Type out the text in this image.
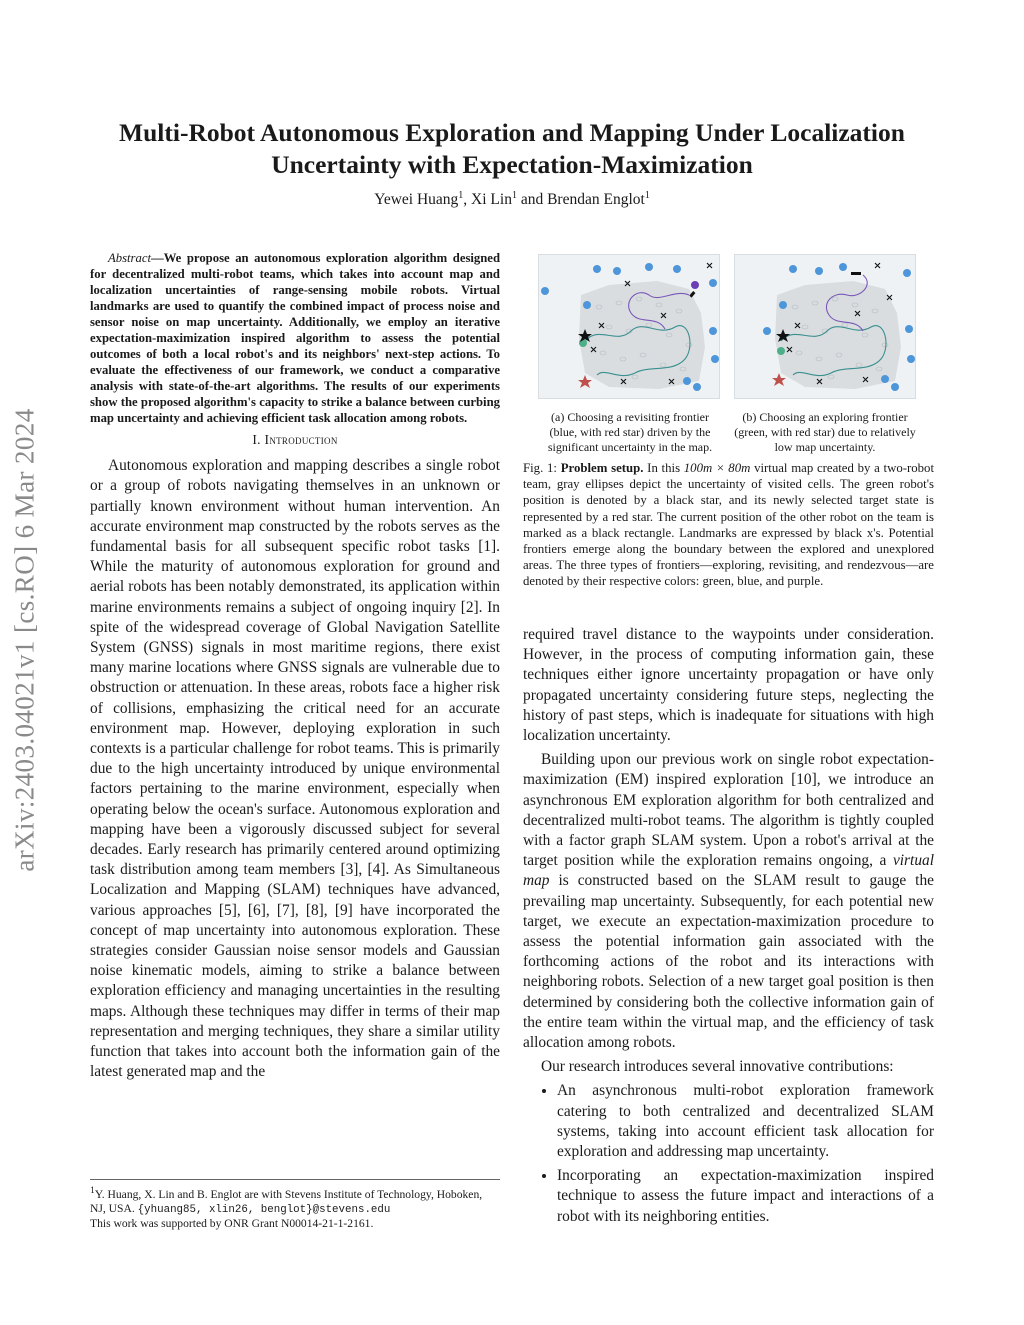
arXiv:2403.04021v1 [cs.RO] 6 Mar 2024
Multi-Robot Autonomous Exploration and Mapping Under Localization Uncertainty with Expectation-Maximization
Yewei Huang$^1$, Xi Lin$^1$ and Brendan Englot$^1$

Abstract—We propose an autonomous exploration algorithm designed for decentralized multi-robot teams, which takes into account map and localization uncertainties of range-sensing mobile robots. Virtual landmarks are used to quantify the combined impact of process noise and sensor noise on map uncertainty. Additionally, we employ an iterative expectation-maximization inspired algorithm to assess the potential outcomes of both a local robot's and its neighbors' next-step actions. To evaluate the effectiveness of our framework, we conduct a comparative analysis with state-of-the-art algorithms. The results of our experiments show the proposed algorithm's capacity to strike a balance between curbing map uncertainty and achieving efficient task allocation among robots.

I. Introduction

Autonomous exploration and mapping describes a single robot or a group of robots navigating themselves in an unknown or partially known environment without human intervention. An accurate environment map constructed by the robots serves as the fundamental basis for all subsequent specific robot tasks [1]. While the maturity of autonomous exploration for ground and aerial robots has been notably demonstrated, its application within marine environments remains a subject of ongoing inquiry [2]. In spite of the widespread coverage of Global Navigation Satellite System (GNSS) signals in most maritime regions, there exist many marine locations where GNSS signals are vulnerable due to obstruction or attenuation. In these areas, robots face a higher risk of collisions, emphasizing the critical need for an accurate environment map. However, deploying exploration in such contexts is a particular challenge for robot teams. This is primarily due to the high uncertainty introduced by unique environmental factors pertaining to the marine environment, especially when operating below the ocean's surface. Autonomous exploration and mapping have been a vigorously discussed subject for several decades. Early research has primarily centered around optimizing task distribution among team members [3], [4]. As Simultaneous Localization and Mapping (SLAM) techniques have advanced, various approaches [5], [6], [7], [8], [9] have incorporated the concept of map uncertainty into autonomous exploration. These strategies consider Gaussian noise sensor models and Gaussian noise kinematic models, aiming to strike a balance between exploration efficiency and managing uncertainties in the resulting maps. Although these techniques may differ in terms of their map representation and merging techniques, they share a similar utility function that takes into account both the information gain of the latest generated map and the

$^1$Y. Huang, X. Lin and B. Englot are with Stevens Institute of Technology, Hoboken, NJ, USA. {yhuang85, xlin26, benglot}@stevens.edu
This work was supported by ONR Grant N00014-21-1-2161.
(a) Choosing a revisiting frontier (blue, with red star) driven by the significant uncertainty in the map.
(b) Choosing an exploring frontier (green, with red star) due to relatively low map uncertainty.
Fig. 1: Problem setup. In this 100m × 80m virtual map created by a two-robot team, gray ellipses depict the uncertainty of visited cells. The green robot's position is denoted by a black star, and its newly selected target state is represented by a red star. The current position of the other robot on the team is marked as a black rectangle. Landmarks are expressed by black x's. Potential frontiers emerge along the boundary between the explored and unexplored areas. The three types of frontiers—exploring, revisiting, and rendezvous—are denoted by their respective colors: green, blue, and purple.

required travel distance to the waypoints under consideration. However, in the process of computing information gain, these techniques either ignore uncertainty propagation or have only propagated uncertainty considering future steps, neglecting the history of past steps, which is inadequate for situations with high localization uncertainty.

Building upon our previous work on single robot expectation-maximization (EM) inspired exploration [10], we introduce an asynchronous EM exploration algorithm for both centralized and decentralized multi-robot teams. The algorithm is tightly coupled with a factor graph SLAM system. Upon a robot's arrival at the target position while the exploration remains ongoing, a virtual map is constructed based on the SLAM result to gauge the prevailing map uncertainty. Subsequently, for each potential new target, we execute an expectation-maximization procedure to assess the potential information gain associated with the forthcoming actions of the robot and its interactions with neighboring robots. Selection of a new target goal position is then determined by considering both the collective information gain of the entire team within the virtual map, and the efficiency of task allocation among robots.

Our research introduces several innovative contributions:

• An asynchronous multi-robot exploration framework catering to both centralized and decentralized SLAM systems, taking into account efficient task allocation for exploration and addressing map uncertainty.
• Incorporating an expectation-maximization inspired technique to assess the future impact and interactions of a robot with its neighboring entities.
